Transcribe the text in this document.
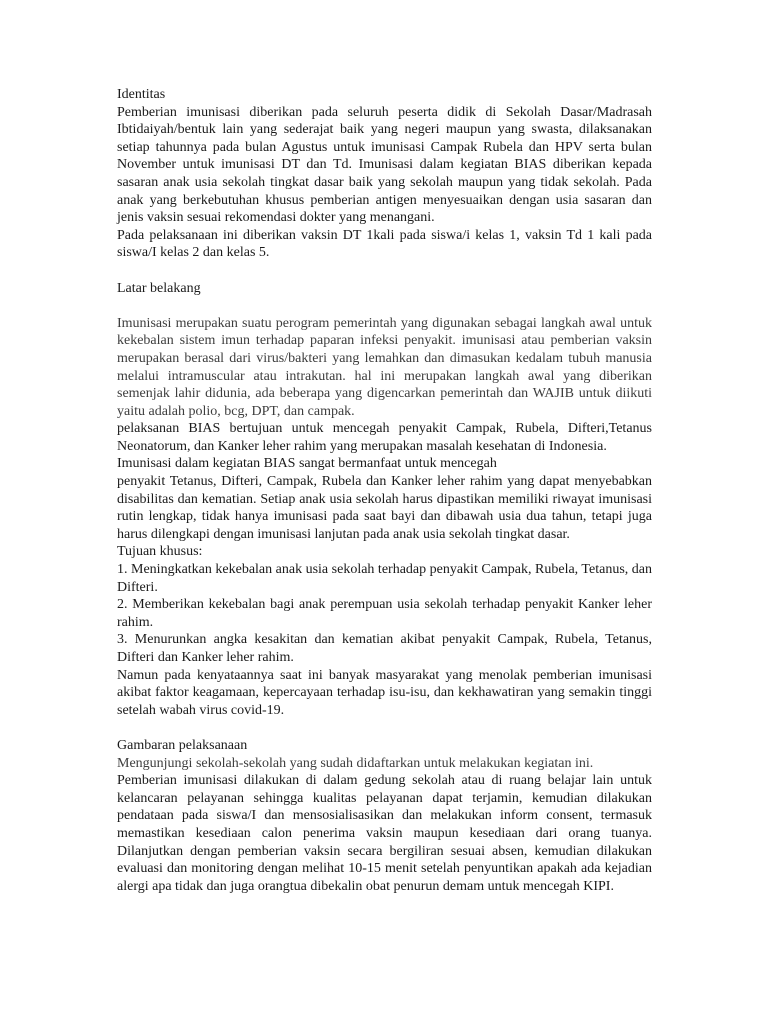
Identitas

Pemberian imunisasi diberikan pada seluruh peserta didik di Sekolah Dasar/Madrasah Ibtidaiyah/bentuk lain yang sederajat baik yang negeri maupun yang swasta, dilaksanakan setiap tahunnya pada bulan Agustus untuk imunisasi Campak Rubela dan HPV serta bulan November untuk imunisasi DT dan Td. Imunisasi dalam kegiatan BIAS diberikan kepada sasaran anak usia sekolah tingkat dasar baik yang sekolah maupun yang tidak sekolah. Pada anak yang berkebutuhan khusus pemberian antigen menyesuaikan dengan usia sasaran dan jenis vaksin sesuai rekomendasi dokter yang menangani.

Pada pelaksanaan ini diberikan vaksin DT 1kali pada siswa/i kelas 1, vaksin Td 1 kali pada siswa/I kelas 2 dan kelas 5.

Latar belakang

Imunisasi merupakan suatu perogram pemerintah yang digunakan sebagai langkah awal untuk kekebalan sistem imun terhadap paparan infeksi penyakit. imunisasi atau pemberian vaksin merupakan berasal dari virus/bakteri yang lemahkan dan dimasukan kedalam tubuh manusia melalui intramuscular atau intrakutan. hal ini merupakan langkah awal yang diberikan semenjak lahir didunia, ada beberapa yang digencarkan pemerintah dan WAJIB untuk diikuti yaitu adalah polio, bcg, DPT, dan campak.

pelaksanan BIAS bertujuan untuk mencegah penyakit Campak, Rubela, Difteri,Tetanus Neonatorum, dan Kanker leher rahim yang merupakan masalah kesehatan di Indonesia.

Imunisasi dalam kegiatan BIAS sangat bermanfaat untuk mencegah

penyakit Tetanus, Difteri, Campak, Rubela dan Kanker leher rahim yang dapat menyebabkan disabilitas dan kematian. Setiap anak usia sekolah harus dipastikan memiliki riwayat imunisasi rutin lengkap, tidak hanya imunisasi pada saat bayi dan dibawah usia dua tahun, tetapi juga harus dilengkapi dengan imunisasi lanjutan pada anak usia sekolah tingkat dasar.

Tujuan khusus:

1. Meningkatkan kekebalan anak usia sekolah terhadap penyakit Campak, Rubela, Tetanus, dan Difteri.

2. Memberikan kekebalan bagi anak perempuan usia sekolah terhadap penyakit Kanker leher rahim.

3. Menurunkan angka kesakitan dan kematian akibat penyakit Campak, Rubela, Tetanus, Difteri dan Kanker leher rahim.

Namun pada kenyataannya saat ini banyak masyarakat yang menolak pemberian imunisasi akibat faktor keagamaan, kepercayaan terhadap isu-isu, dan kekhawatiran yang semakin tinggi setelah wabah virus covid-19.

Gambaran pelaksanaan

Mengunjungi sekolah-sekolah yang sudah didaftarkan untuk melakukan kegiatan ini.

Pemberian imunisasi dilakukan di dalam gedung sekolah atau di ruang belajar lain untuk kelancaran pelayanan sehingga kualitas pelayanan dapat terjamin, kemudian dilakukan pendataan pada siswa/I dan mensosialisasikan dan melakukan inform consent, termasuk memastikan kesediaan calon penerima vaksin maupun kesediaan dari orang tuanya. Dilanjutkan dengan pemberian vaksin secara bergiliran sesuai absen, kemudian dilakukan evaluasi dan monitoring dengan melihat 10-15 menit setelah penyuntikan apakah ada kejadian alergi apa tidak dan juga orangtua dibekalin obat penurun demam untuk mencegah KIPI.
